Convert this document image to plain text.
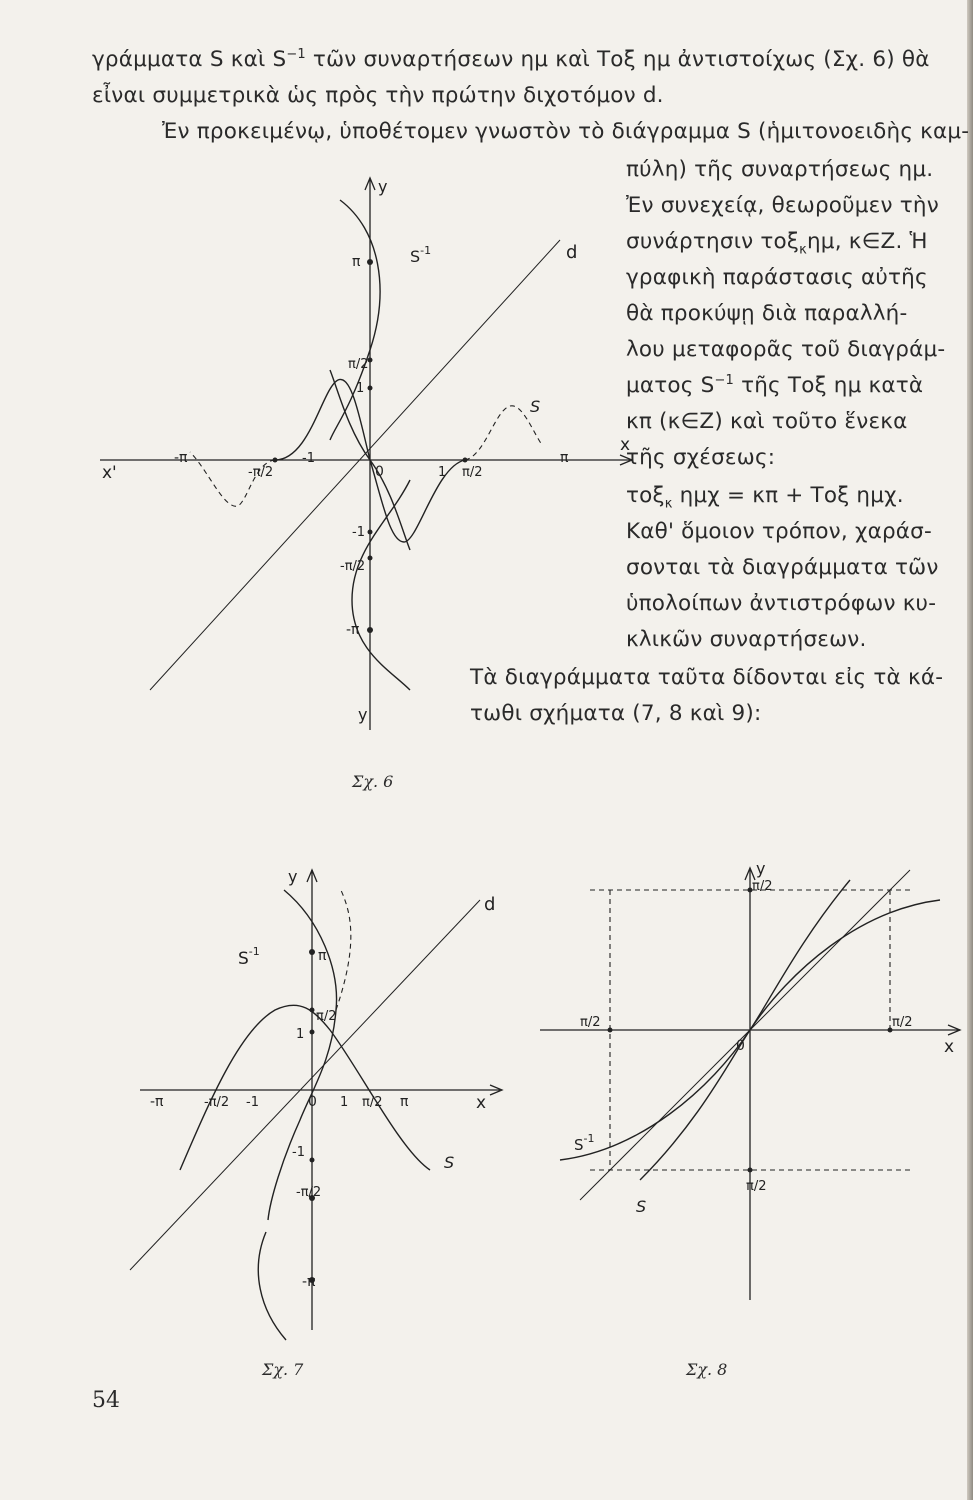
γράμματα S καὶ $S^{-1}$ τῶν συναρτήσεων ημ καὶ Τοξ ημ ἀντιστοίχως (Σχ. 6) θὰ
εἶναι συμμετρικὰ ὡς πρὸς τὴν πρώτην διχοτόμον d.
Ἐν προκειμένῳ, ὑποθέτομεν γνωστὸν τὸ διάγραμμα S (ἡμιτονοειδὴς καμ-
πύλη) τῆς συναρτήσεως ημ.
Ἐν συνεχείᾳ, θεωροῦμεν τὴν
συνάρτησιν τοξ$_\kappa$ημ, κ∈Z. Ἡ
γραφικὴ παράστασις αὐτῆς
θὰ προκύψῃ διὰ παραλλή-
λου μεταφορᾶς τοῦ διαγράμ-
ματος $S^{-1}$ τῆς Τοξ ημ κατὰ
κπ (κ∈Z) καὶ τοῦτο ἕνεκα
τῆς σχέσεως:
τοξ$_\kappa$ ημχ = κπ + Τοξ ημχ.
Καθ' ὅμοιον τρόπον, χαράσ-
σονται τὰ διαγράμματα τῶν
ὑπολοίπων ἀντιστρόφων κυ-
κλικῶν συναρτήσεων.
Τὰ διαγράμματα ταῦτα δίδονται εἰς τὰ κά-
τωθι σχήματα (7, 8 καὶ 9):
y
y
x'
x
d
S
$S^{-1}$
π
π/2
1
0
-π
-π/2
-1
1 π/2
π
-1
-π/2
-π
Σχ. 6
y
x
d
S
$S^{-1}$	π
π/2
1
0
-π	-π/2 -1	1 π/2 π
-1
-π/2
-π
Σχ. 7
y
x
π/2
π/2
0
π/2
π/2
S
$S^{-1}$
Σχ. 8
54
